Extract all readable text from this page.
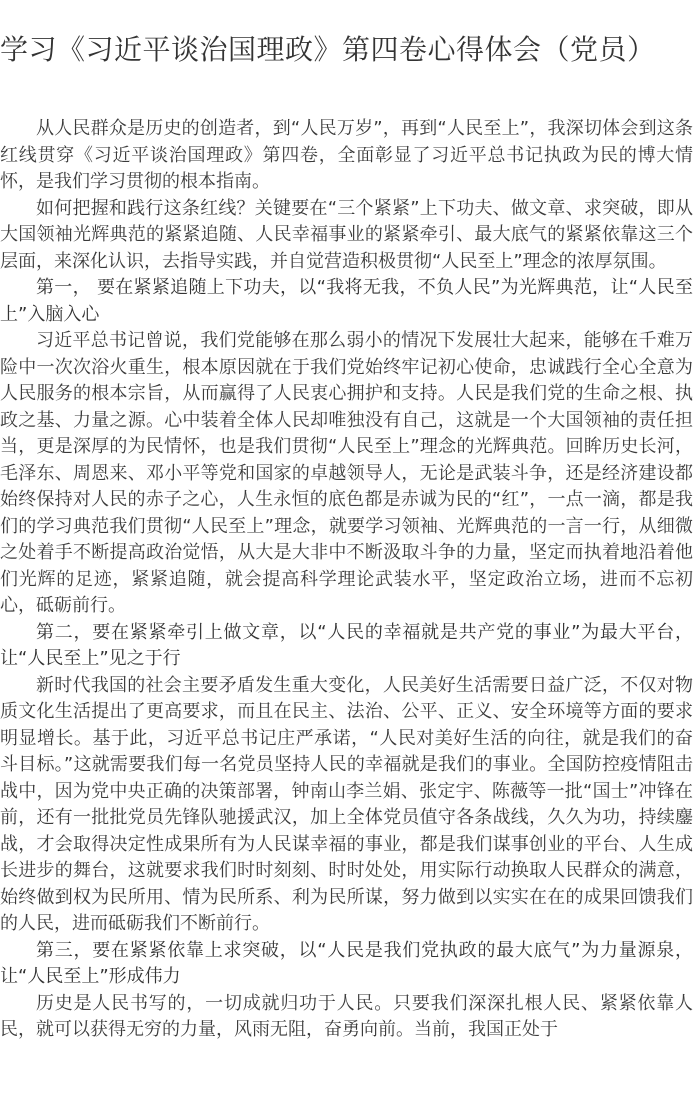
学习《习近平谈治国理政》第四卷心得体会（党员）

从人民群众是历史的创造者，到“人民万岁”，再到“人民至上”，我深切体会到这条红线贯穿《习近平谈治国理政》第四卷，全面彰显了习近平总书记执政为民的博大情怀，是我们学习贯彻的根本指南。

如何把握和践行这条红线？关键要在“三个紧紧”上下功夫、做文章、求突破，即从大国领袖光辉典范的紧紧追随、人民幸福事业的紧紧牵引、最大底气的紧紧依靠这三个层面，来深化认识，去指导实践，并自觉营造积极贯彻“人民至上”理念的浓厚氛围。

第一， 要在紧紧追随上下功夫，以“我将无我，不负人民”为光辉典范，让“人民至上”入脑入心

习近平总书记曾说，我们党能够在那么弱小的情况下发展壮大起来，能够在千难万险中一次次浴火重生，根本原因就在于我们党始终牢记初心使命，忠诚践行全心全意为人民服务的根本宗旨，从而赢得了人民衷心拥护和支持。人民是我们党的生命之根、执政之基、力量之源。心中装着全体人民却唯独没有自己，这就是一个大国领袖的责任担当，更是深厚的为民情怀，也是我们贯彻“人民至上”理念的光辉典范。回眸历史长河，毛泽东、周恩来、邓小平等党和国家的卓越领导人，无论是武装斗争，还是经济建设都始终保持对人民的赤子之心，人生永恒的底色都是赤诚为民的“红”，一点一滴，都是我们的学习典范我们贯彻“人民至上”理念，就要学习领袖、光辉典范的一言一行，从细微之处着手不断提高政治觉悟，从大是大非中不断汲取斗争的力量，坚定而执着地沿着他们光辉的足迹，紧紧追随，就会提高科学理论武装水平，坚定政治立场，进而不忘初心，砥砺前行。

第二，要在紧紧牵引上做文章，以“人民的幸福就是共产党的事业”为最大平台，让“人民至上”见之于行

新时代我国的社会主要矛盾发生重大变化，人民美好生活需要日益广泛，不仅对物质文化生活提出了更高要求，而且在民主、法治、公平、正义、安全环境等方面的要求明显增长。基于此，习近平总书记庄严承诺，“人民对美好生活的向往，就是我们的奋斗目标。”这就需要我们每一名党员坚持人民的幸福就是我们的事业。全国防控疫情阻击战中，因为党中央正确的决策部署，钟南山李兰娟、张定宇、陈薇等一批“国士”冲锋在前，还有一批批党员先锋队驰援武汉，加上全体党员值守各条战线，久久为功，持续鏖战，才会取得决定性成果所有为人民谋幸福的事业，都是我们谋事创业的平台、人生成长进步的舞台，这就要求我们时时刻刻、时时处处，用实际行动换取人民群众的满意，始终做到权为民所用、情为民所系、利为民所谋，努力做到以实实在在的成果回馈我们的人民，进而砥砺我们不断前行。

第三，要在紧紧依靠上求突破，以“人民是我们党执政的最大底气”为力量源泉，让“人民至上”形成伟力

历史是人民书写的，一切成就归功于人民。只要我们深深扎根人民、紧紧依靠人民，就可以获得无穷的力量，风雨无阻，奋勇向前。当前，我国正处于
